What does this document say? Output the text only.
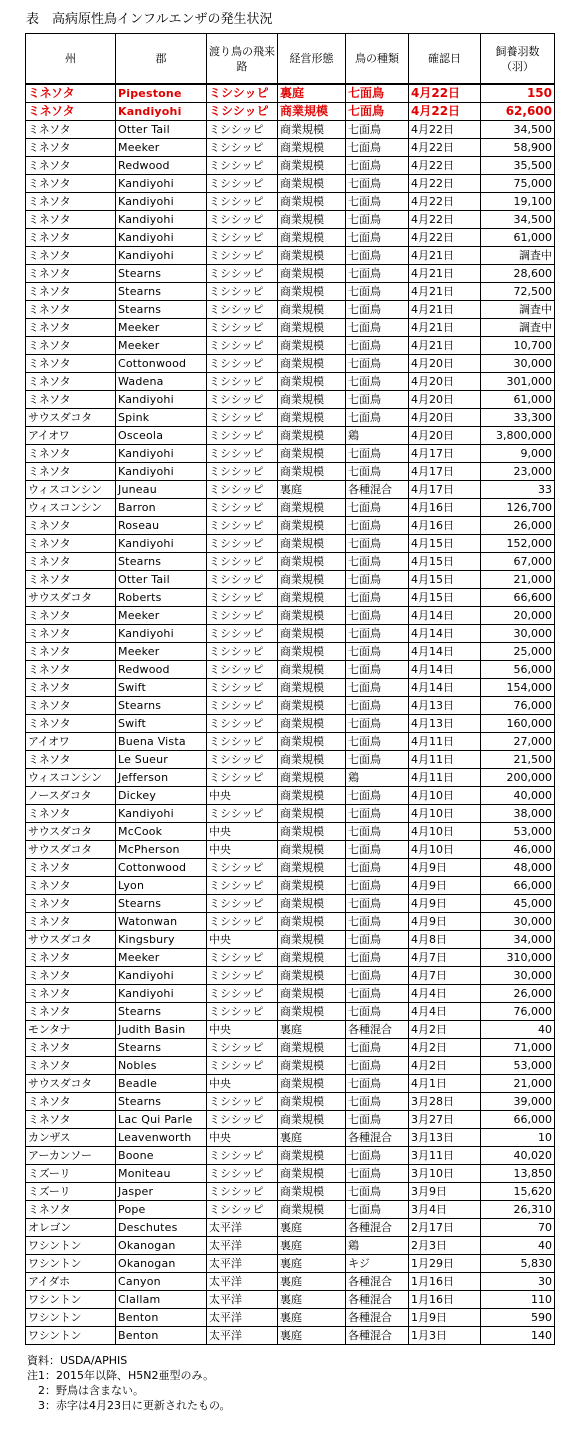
表　高病原性鳥インフルエンザの発生状況
州	郡	渡り鳥の飛来路	経営形態	鳥の種類	確認日	飼養羽数（羽）
ミネソタ	Pipestone	ミシシッピ	裏庭	七面鳥	4月22日	150
ミネソタ	Kandiyohi	ミシシッピ	商業規模	七面鳥	4月22日	62,600
ミネソタ	Otter Tail	ミシシッピ	商業規模	七面鳥	4月22日	34,500
ミネソタ	Meeker	ミシシッピ	商業規模	七面鳥	4月22日	58,900
ミネソタ	Redwood	ミシシッピ	商業規模	七面鳥	4月22日	35,500
ミネソタ	Kandiyohi	ミシシッピ	商業規模	七面鳥	4月22日	75,000
ミネソタ	Kandiyohi	ミシシッピ	商業規模	七面鳥	4月22日	19,100
ミネソタ	Kandiyohi	ミシシッピ	商業規模	七面鳥	4月22日	34,500
ミネソタ	Kandiyohi	ミシシッピ	商業規模	七面鳥	4月22日	61,000
ミネソタ	Kandiyohi	ミシシッピ	商業規模	七面鳥	4月21日	調査中
ミネソタ	Stearns	ミシシッピ	商業規模	七面鳥	4月21日	28,600
ミネソタ	Stearns	ミシシッピ	商業規模	七面鳥	4月21日	72,500
ミネソタ	Stearns	ミシシッピ	商業規模	七面鳥	4月21日	調査中
ミネソタ	Meeker	ミシシッピ	商業規模	七面鳥	4月21日	調査中
ミネソタ	Meeker	ミシシッピ	商業規模	七面鳥	4月21日	10,700
ミネソタ	Cottonwood	ミシシッピ	商業規模	七面鳥	4月20日	30,000
ミネソタ	Wadena	ミシシッピ	商業規模	七面鳥	4月20日	301,000
ミネソタ	Kandiyohi	ミシシッピ	商業規模	七面鳥	4月20日	61,000
サウスダコタ	Spink	ミシシッピ	商業規模	七面鳥	4月20日	33,300
アイオワ	Osceola	ミシシッピ	商業規模	鶏	4月20日	3,800,000
ミネソタ	Kandiyohi	ミシシッピ	商業規模	七面鳥	4月17日	9,000
ミネソタ	Kandiyohi	ミシシッピ	商業規模	七面鳥	4月17日	23,000
ウィスコンシン	Juneau	ミシシッピ	裏庭	各種混合	4月17日	33
ウィスコンシン	Barron	ミシシッピ	商業規模	七面鳥	4月16日	126,700
ミネソタ	Roseau	ミシシッピ	商業規模	七面鳥	4月16日	26,000
ミネソタ	Kandiyohi	ミシシッピ	商業規模	七面鳥	4月15日	152,000
ミネソタ	Stearns	ミシシッピ	商業規模	七面鳥	4月15日	67,000
ミネソタ	Otter Tail	ミシシッピ	商業規模	七面鳥	4月15日	21,000
サウスダコタ	Roberts	ミシシッピ	商業規模	七面鳥	4月15日	66,600
ミネソタ	Meeker	ミシシッピ	商業規模	七面鳥	4月14日	20,000
ミネソタ	Kandiyohi	ミシシッピ	商業規模	七面鳥	4月14日	30,000
ミネソタ	Meeker	ミシシッピ	商業規模	七面鳥	4月14日	25,000
ミネソタ	Redwood	ミシシッピ	商業規模	七面鳥	4月14日	56,000
ミネソタ	Swift	ミシシッピ	商業規模	七面鳥	4月14日	154,000
ミネソタ	Stearns	ミシシッピ	商業規模	七面鳥	4月13日	76,000
ミネソタ	Swift	ミシシッピ	商業規模	七面鳥	4月13日	160,000
アイオワ	Buena Vista	ミシシッピ	商業規模	七面鳥	4月11日	27,000
ミネソタ	Le Sueur	ミシシッピ	商業規模	七面鳥	4月11日	21,500
ウィスコンシン	Jefferson	ミシシッピ	商業規模	鶏	4月11日	200,000
ノースダコタ	Dickey	中央	商業規模	七面鳥	4月10日	40,000
ミネソタ	Kandiyohi	ミシシッピ	商業規模	七面鳥	4月10日	38,000
サウスダコタ	McCook	中央	商業規模	七面鳥	4月10日	53,000
サウスダコタ	McPherson	中央	商業規模	七面鳥	4月10日	46,000
ミネソタ	Cottonwood	ミシシッピ	商業規模	七面鳥	4月9日	48,000
ミネソタ	Lyon	ミシシッピ	商業規模	七面鳥	4月9日	66,000
ミネソタ	Stearns	ミシシッピ	商業規模	七面鳥	4月9日	45,000
ミネソタ	Watonwan	ミシシッピ	商業規模	七面鳥	4月9日	30,000
サウスダコタ	Kingsbury	中央	商業規模	七面鳥	4月8日	34,000
ミネソタ	Meeker	ミシシッピ	商業規模	七面鳥	4月7日	310,000
ミネソタ	Kandiyohi	ミシシッピ	商業規模	七面鳥	4月7日	30,000
ミネソタ	Kandiyohi	ミシシッピ	商業規模	七面鳥	4月4日	26,000
ミネソタ	Stearns	ミシシッピ	商業規模	七面鳥	4月4日	76,000
モンタナ	Judith Basin	中央	裏庭	各種混合	4月2日	40
ミネソタ	Stearns	ミシシッピ	商業規模	七面鳥	4月2日	71,000
ミネソタ	Nobles	ミシシッピ	商業規模	七面鳥	4月2日	53,000
サウスダコタ	Beadle	中央	商業規模	七面鳥	4月1日	21,000
ミネソタ	Stearns	ミシシッピ	商業規模	七面鳥	3月28日	39,000
ミネソタ	Lac Qui Parle	ミシシッピ	商業規模	七面鳥	3月27日	66,000
カンザス	Leavenworth	中央	裏庭	各種混合	3月13日	10
アーカンソー	Boone	ミシシッピ	商業規模	七面鳥	3月11日	40,020
ミズーリ	Moniteau	ミシシッピ	商業規模	七面鳥	3月10日	13,850
ミズーリ	Jasper	ミシシッピ	商業規模	七面鳥	3月9日	15,620
ミネソタ	Pope	ミシシッピ	商業規模	七面鳥	3月4日	26,310
オレゴン	Deschutes	太平洋	裏庭	各種混合	2月17日	70
ワシントン	Okanogan	太平洋	裏庭	鶏	2月3日	40
ワシントン	Okanogan	太平洋	裏庭	キジ	1月29日	5,830
アイダホ	Canyon	太平洋	裏庭	各種混合	1月16日	30
ワシントン	Clallam	太平洋	裏庭	各種混合	1月16日	110
ワシントン	Benton	太平洋	裏庭	各種混合	1月9日	590
ワシントン	Benton	太平洋	裏庭	各種混合	1月3日	140
資料：USDA/APHIS
注1：2015年以降、H5N2亜型のみ。
　2：野鳥は含まない。
　3：赤字は4月23日に更新されたもの。
